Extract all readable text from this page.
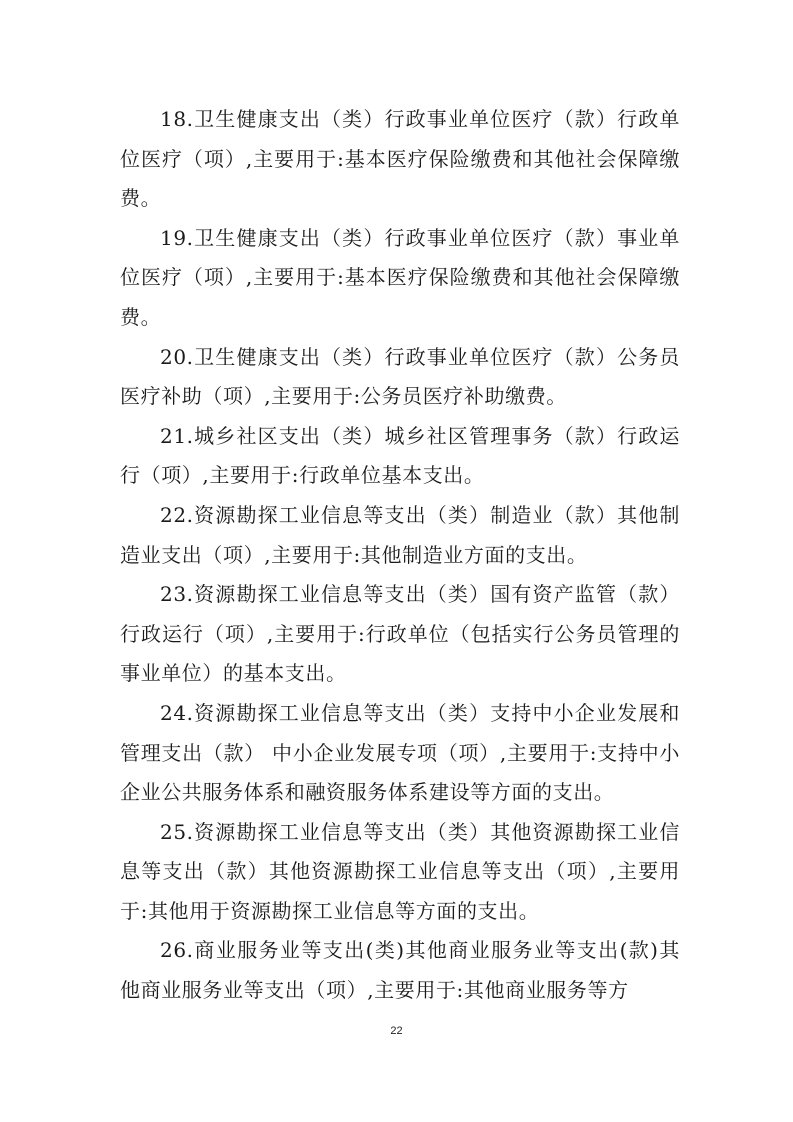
18.卫生健康支出（类）行政事业单位医疗（款）行政单位医疗（项）,主要用于:基本医疗保险缴费和其他社会保障缴费。

19.卫生健康支出（类）行政事业单位医疗（款）事业单位医疗（项）,主要用于:基本医疗保险缴费和其他社会保障缴费。

20.卫生健康支出（类）行政事业单位医疗（款）公务员医疗补助（项）,主要用于:公务员医疗补助缴费。

21.城乡社区支出（类）城乡社区管理事务（款）行政运行（项）,主要用于:行政单位基本支出。

22.资源勘探工业信息等支出（类）制造业（款）其他制造业支出（项）,主要用于:其他制造业方面的支出。

23.资源勘探工业信息等支出（类）国有资产监管（款）行政运行（项）,主要用于:行政单位（包括实行公务员管理的事业单位）的基本支出。

24.资源勘探工业信息等支出（类）支持中小企业发展和管理支出（款） 中小企业发展专项（项）,主要用于:支持中小企业公共服务体系和融资服务体系建设等方面的支出。

25.资源勘探工业信息等支出（类）其他资源勘探工业信息等支出（款）其他资源勘探工业信息等支出（项）,主要用于:其他用于资源勘探工业信息等方面的支出。

26.商业服务业等支出(类)其他商业服务业等支出(款)其他商业服务业等支出（项）,主要用于:其他商业服务等方

22
